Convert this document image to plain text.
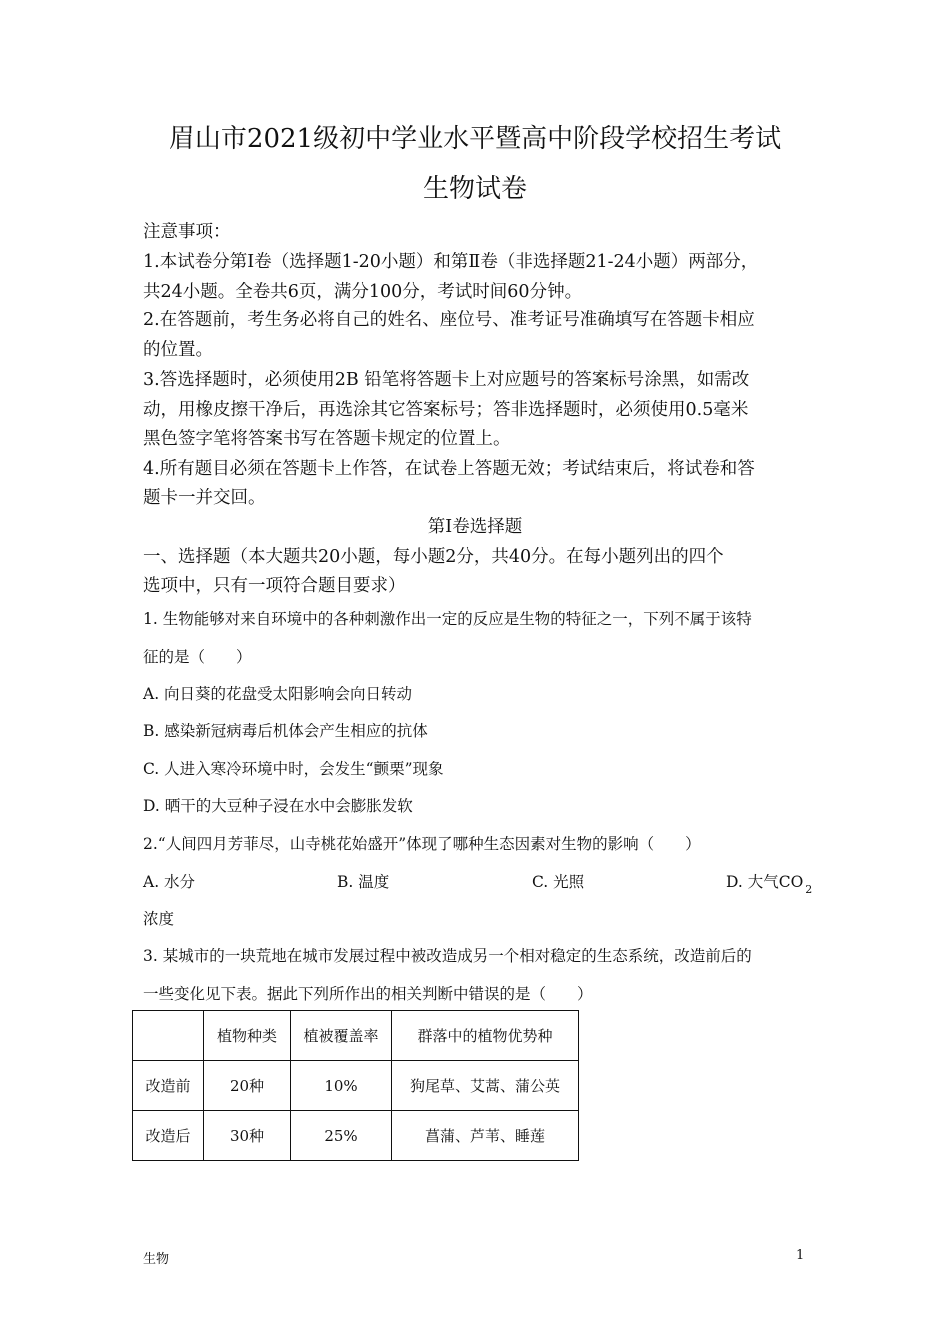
眉山市2021级初中学业水平暨高中阶段学校招生考试
生物试卷
注意事项：
1.本试卷分第Ⅰ卷（选择题1-20小题）和第Ⅱ卷（非选择题21-24小题）两部分，
共24小题。全卷共6页，满分100分，考试时间60分钟。
2.在答题前，考生务必将自己的姓名、座位号、准考证号准确填写在答题卡相应
的位置。
3.答选择题时，必须使用2B 铅笔将答题卡上对应题号的答案标号涂黑，如需改
动，用橡皮擦干净后，再选涂其它答案标号；答非选择题时，必须使用0.5毫米
黑色签字笔将答案书写在答题卡规定的位置上。
4.所有题目必须在答题卡上作答，在试卷上答题无效；考试结束后，将试卷和答
题卡一并交回。
第Ⅰ卷选择题
一、选择题（本大题共20小题，每小题2分，共40分。在每小题列出的四个
选项中，只有一项符合题目要求）
1. 生物能够对来自环境中的各种刺激作出一定的反应是生物的特征之一，下列不属于该特
征的是（　　）
A. 向日葵的花盘受太阳影响会向日转动
B. 感染新冠病毒后机体会产生相应的抗体
C. 人进入寒冷环境中时，会发生“颤栗”现象
D. 晒干的大豆种子浸在水中会膨胀发软
2.“人间四月芳菲尽，山寺桃花始盛开”体现了哪种生态因素对生物的影响（　　）
A. 水分	B. 温度	C. 光照	D. 大气CO $_2$
浓度
3. 某城市的一块荒地在城市发展过程中被改造成另一个相对稳定的生态系统，改造前后的
一些变化见下表。据此下列所作出的相关判断中错误的是（　　）
	植物种类	植被覆盖率	群落中的植物优势种
改造前	20种	10%	狗尾草、艾蒿、蒲公英
改造后	30种	25%	菖蒲、芦苇、睡莲
生物	1
